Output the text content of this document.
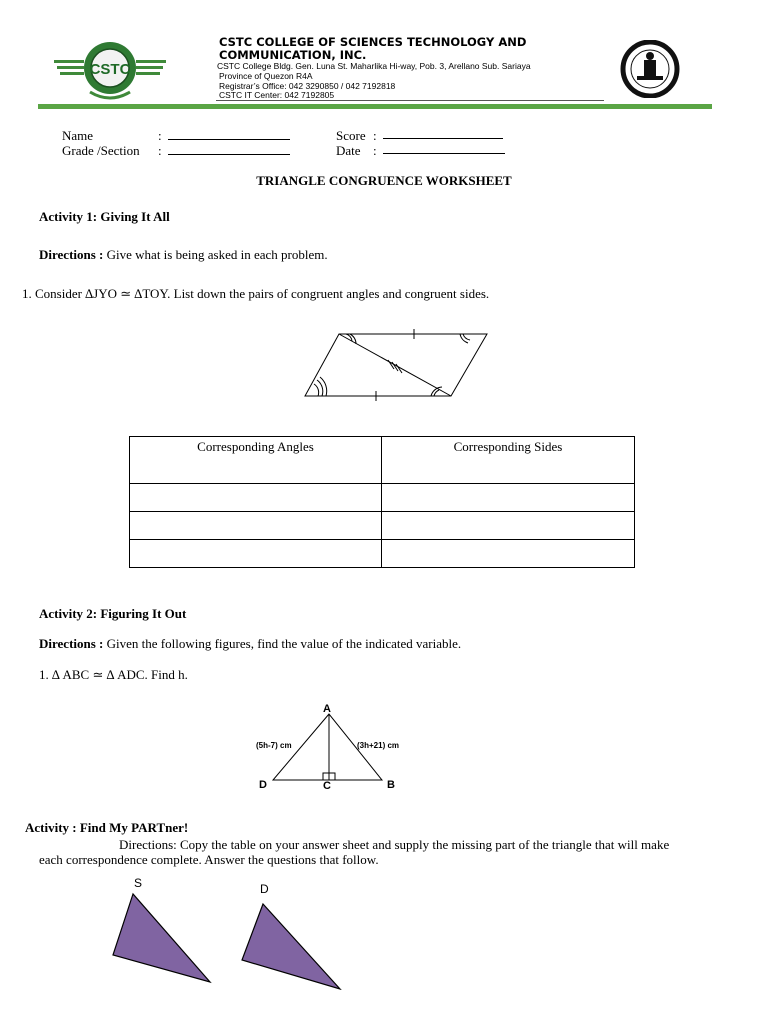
CSTC
CSTC COLLEGE OF SCIENCES TECHNOLOGY AND COMMUNICATION, INC.
CSTC College Bldg. Gen. Luna St. Maharlika Hi-way, Pob. 3, Arellano Sub. Sariaya
Province of Quezon R4A
Registrar’s Office: 042 3290850 / 042 7192818
CSTC IT Center: 042 7192805
Name	:
Grade /Section :
Score :
Date :
TRIANGLE CONGRUENCE WORKSHEET
Activity 1: Giving It All
Directions : Give what is being asked in each problem.
1. Consider ∆JYO ≃ ∆TOY. List down the pairs of congruent angles and congruent sides.
Corresponding Angles	Corresponding Sides

Activity 2: Figuring It Out
Directions : Given the following figures, find the value of the indicated variable.
1. ∆ ABC ≃ ∆ ADC. Find h.
A
D	C	B
(5h-7) cm	(3h+21) cm
Activity : Find My PARTner!
Directions: Copy the table on your answer sheet and supply the missing part of the triangle that will make
each correspondence complete. Answer the questions that follow.
S	D
